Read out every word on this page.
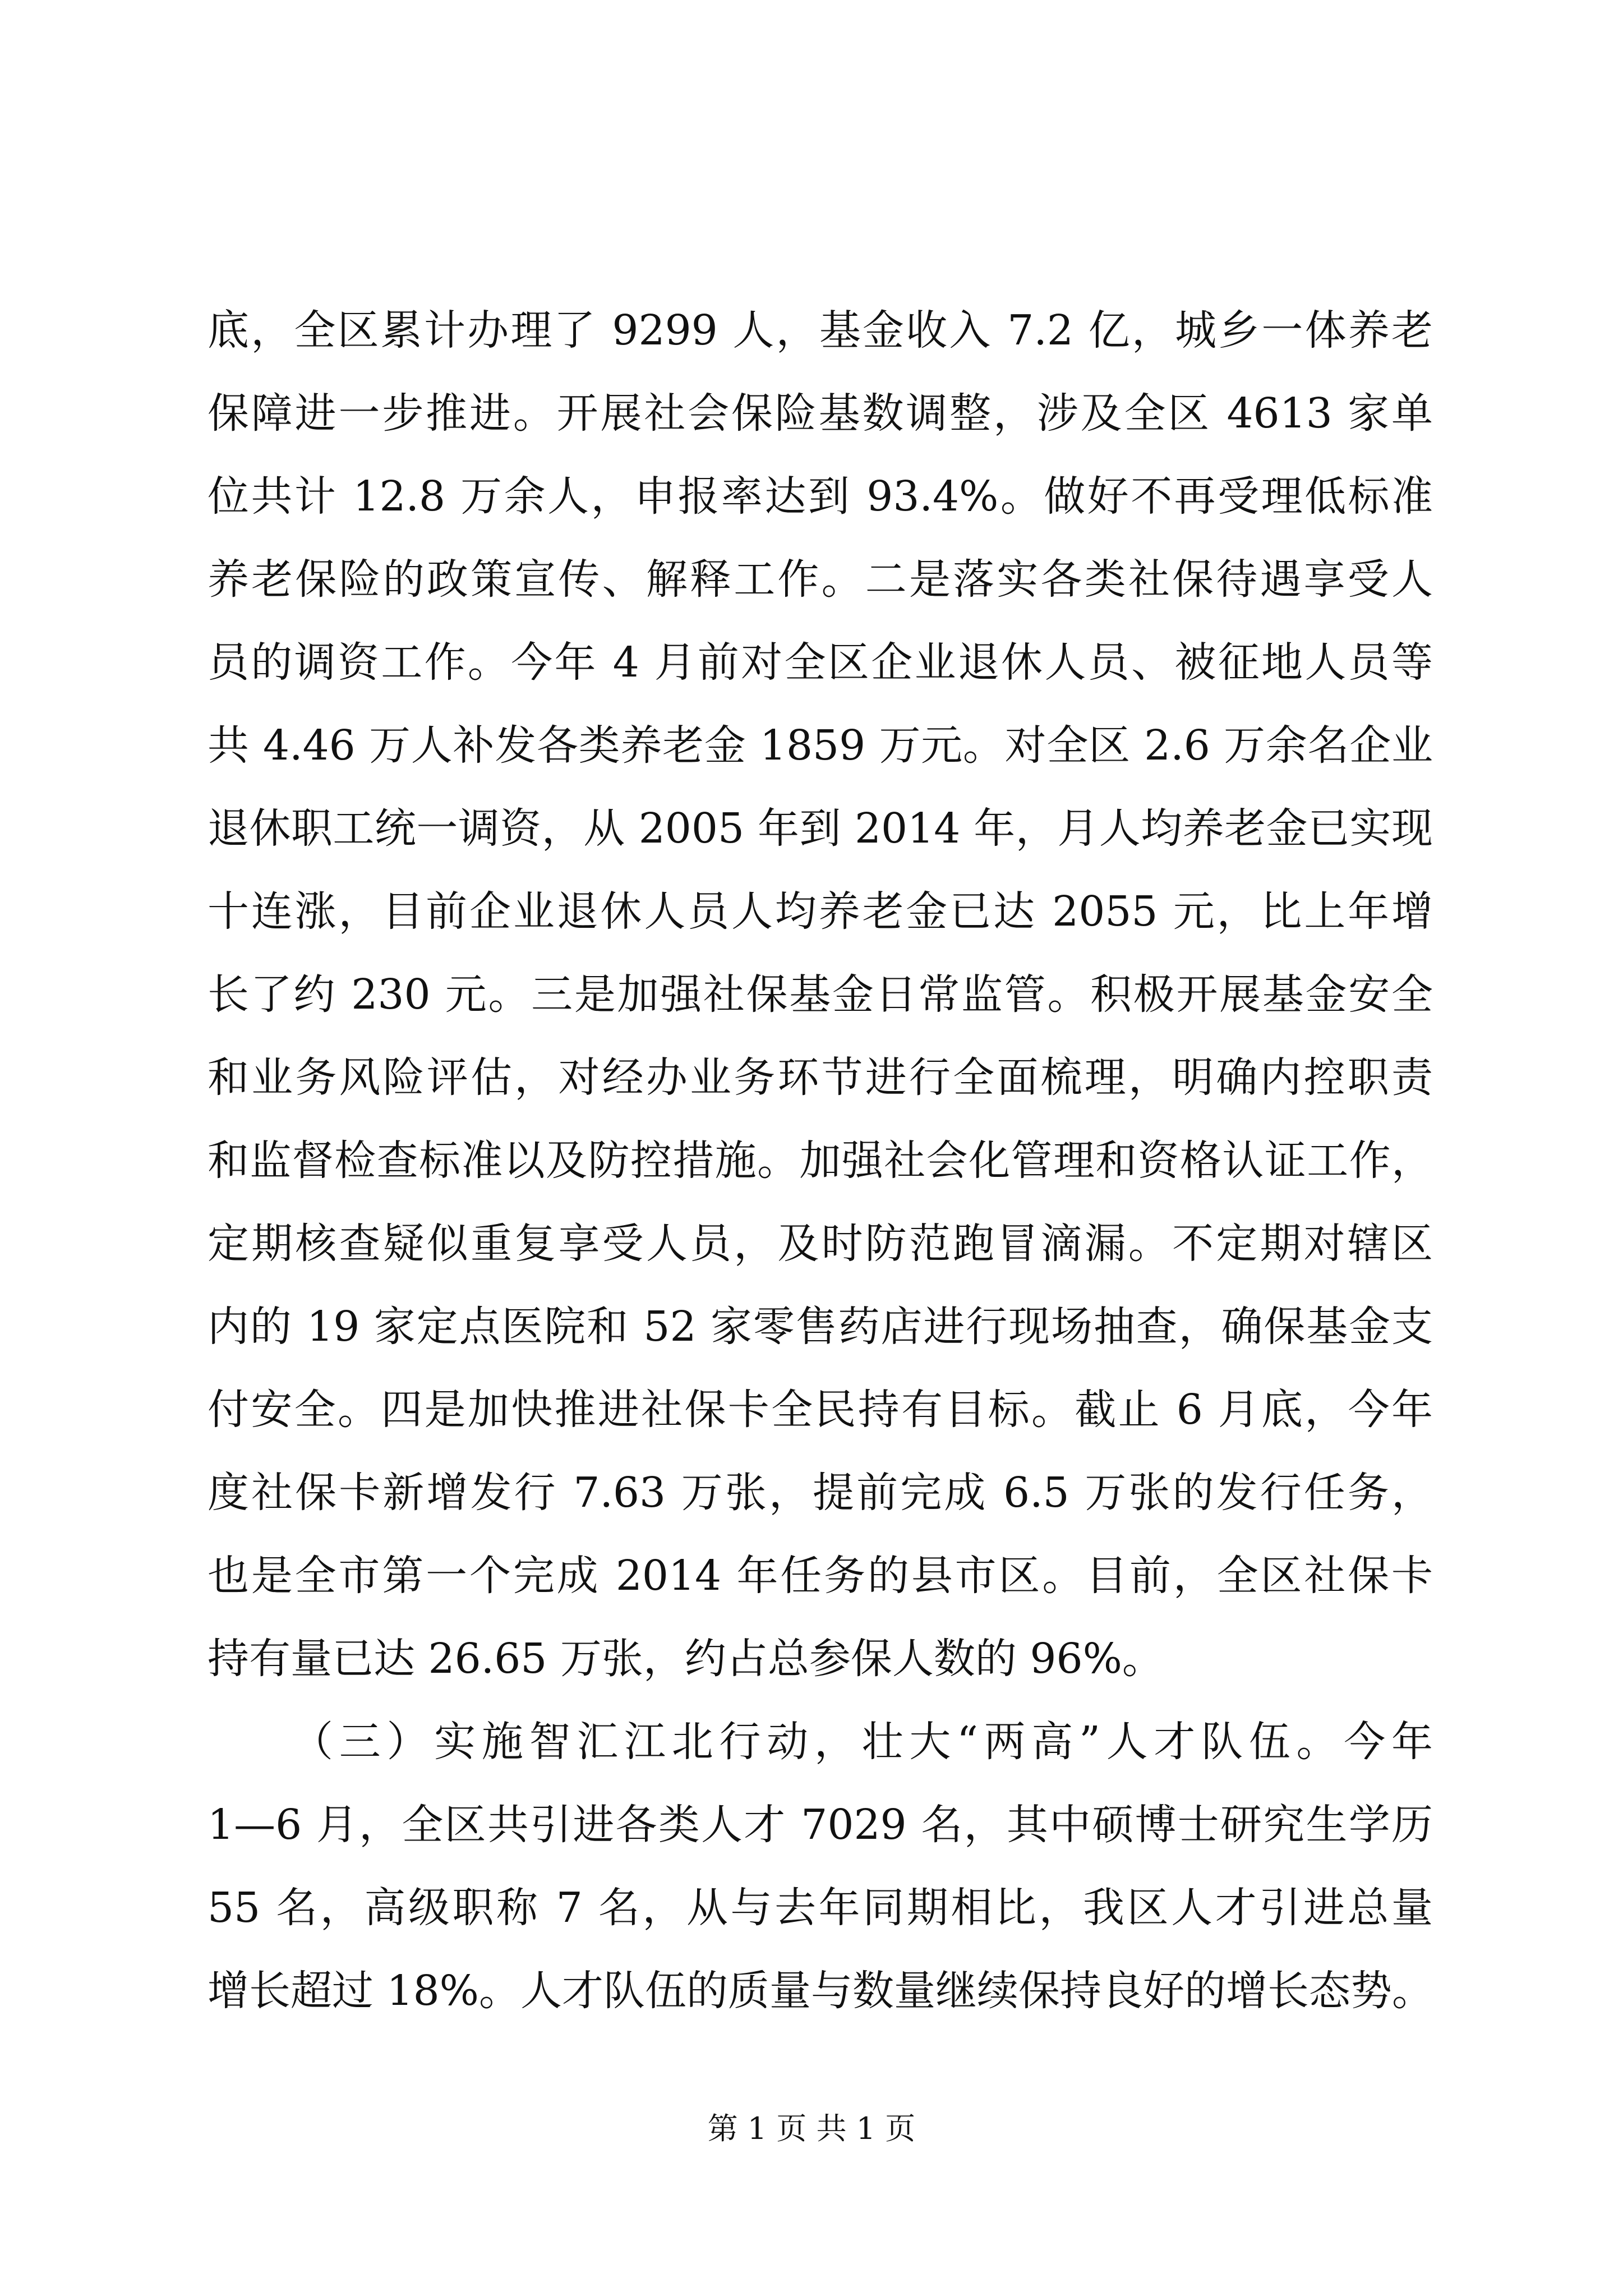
底，全区累计办理了 9299 人，基金收入 7.2 亿，城乡一体养老
保障进一步推进。开展社会保险基数调整，涉及全区 4613 家单
位共计 12.8 万余人，申报率达到 93.4%。做好不再受理低标准
养老保险的政策宣传、解释工作。二是落实各类社保待遇享受人
员的调资工作。今年 4 月前对全区企业退休人员、被征地人员等
共 4.46 万人补发各类养老金 1859 万元。对全区 2.6 万余名企业
退休职工统一调资，从 2005 年到 2014 年，月人均养老金已实现
十连涨，目前企业退休人员人均养老金已达 2055 元，比上年增
长了约 230 元。三是加强社保基金日常监管。积极开展基金安全
和业务风险评估，对经办业务环节进行全面梳理，明确内控职责
和监督检查标准以及防控措施。加强社会化管理和资格认证工作，
定期核查疑似重复享受人员，及时防范跑冒滴漏。不定期对辖区
内的 19 家定点医院和 52 家零售药店进行现场抽查，确保基金支
付安全。四是加快推进社保卡全民持有目标。截止 6 月底，今年
度社保卡新增发行 7.63 万张，提前完成 6.5 万张的发行任务，
也是全市第一个完成 2014 年任务的县市区。目前，全区社保卡
持有量已达 26.65 万张，约占总参保人数的 96%。
（三）实施智汇江北行动，壮大“两高”人才队伍。今年
1—6 月，全区共引进各类人才 7029 名，其中硕博士研究生学历
55 名，高级职称 7 名，从与去年同期相比，我区人才引进总量
增长超过 18%。人才队伍的质量与数量继续保持良好的增长态势。
第 1 页 共 1 页
